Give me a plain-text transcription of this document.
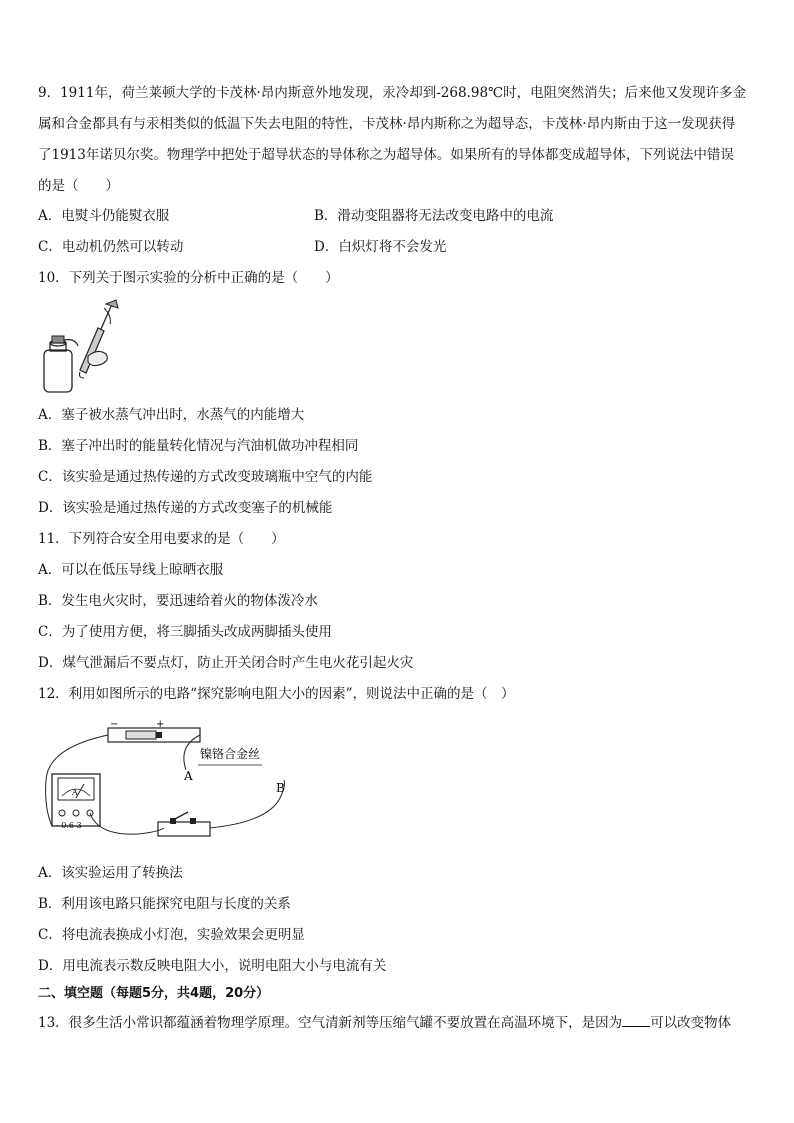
9．1911年，荷兰莱顿大学的卡茂林·昂内斯意外地发现，汞冷却到-268.98℃时，电阻突然消失；后来他又发现许多金
属和合金都具有与汞相类似的低温下失去电阻的特性，卡茂林·昂内斯称之为超导态，卡茂林·昂内斯由于这一发现获得
了1913年诺贝尔奖。物理学中把处于超导状态的导体称之为超导体。如果所有的导体都变成超导体，下列说法中错误
的是（　　）
A．电熨斗仍能熨衣服	B．滑动变阻器将无法改变电路中的电流
C．电动机仍然可以转动	D．白炽灯将不会发光
10．下列关于图示实验的分析中正确的是（　　）
A．塞子被水蒸气冲出时，水蒸气的内能增大
B．塞子冲出时的能量转化情况与汽油机做功冲程相同
C．该实验是通过热传递的方式改变玻璃瓶中空气的内能
D．该实验是通过热传递的方式改变塞子的机械能
11．下列符合安全用电要求的是（　　）
A．可以在低压导线上晾晒衣服
B．发生电火灾时，要迅速给着火的物体泼冷水
C．为了使用方便，将三脚插头改成两脚插头使用
D．煤气泄漏后不要点灯，防止开关闭合时产生电火花引起火灾
12．利用如图所示的电路“探究影响电阻大小的因素”，则说法中正确的是（　）
−	+
镍铬合金丝
A
A
- 0.6 3
B
A．该实验运用了转换法
B．利用该电路只能探究电阻与长度的关系
C．将电流表换成小灯泡，实验效果会更明显
D．用电流表示数反映电阻大小，说明电阻大小与电流有关
二、填空题（每题5分，共4题，20分）
13．很多生活小常识都蕴涵着物理学原理。空气清新剂等压缩气罐不要放置在高温环境下，是因为 可以改变物体
